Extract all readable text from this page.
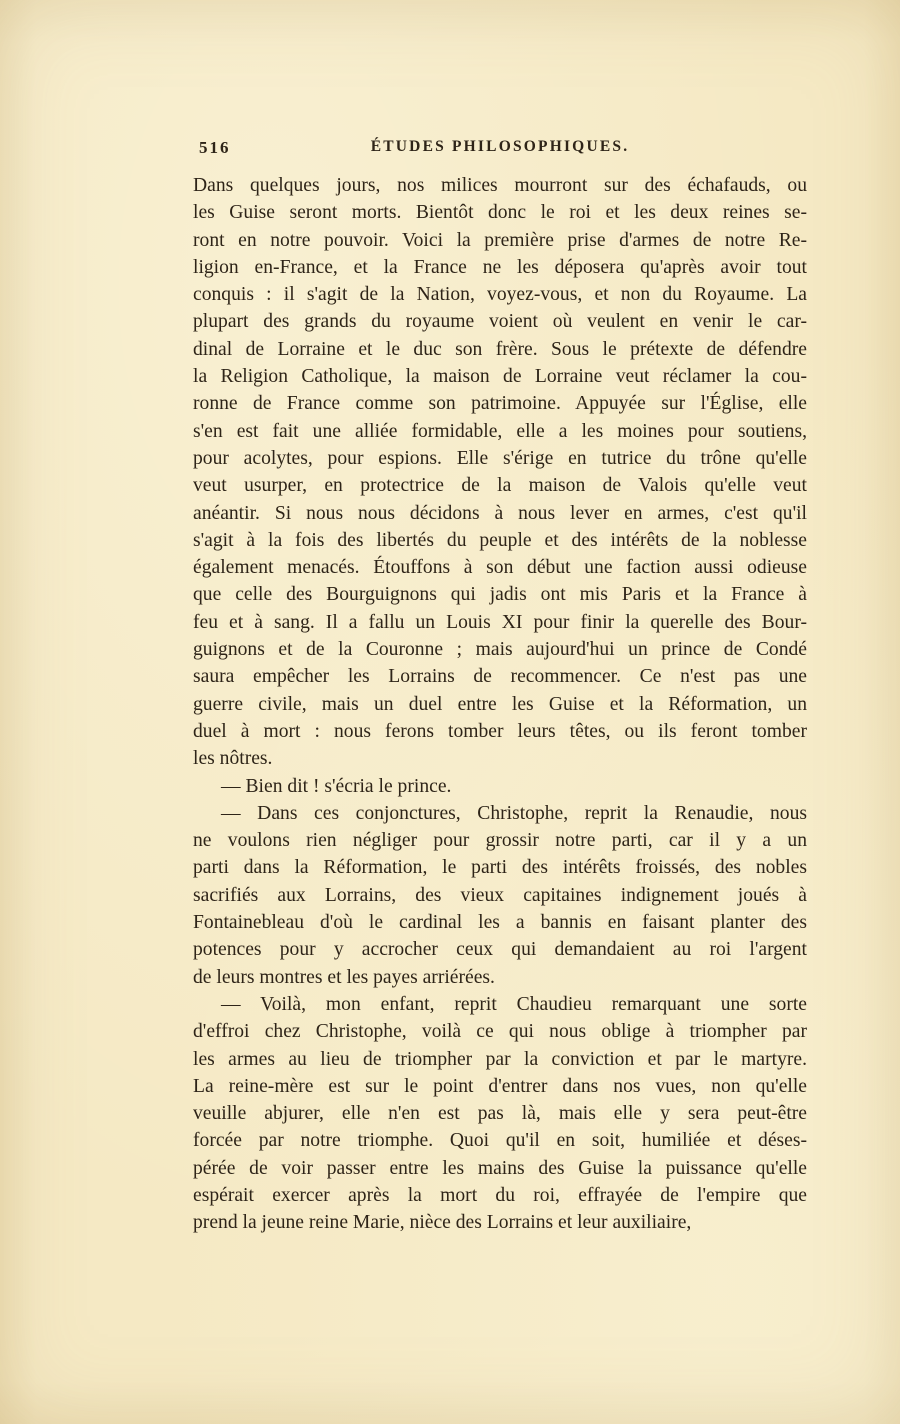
516	ÉTUDES PHILOSOPHIQUES.
Dans quelques jours, nos milices mourront sur des échafauds, ou
les Guise seront morts. Bientôt donc le roi et les deux reines se-
ront en notre pouvoir. Voici la première prise d'armes de notre Re-
ligion en-France, et la France ne les déposera qu'après avoir tout
conquis : il s'agit de la Nation, voyez-vous, et non du Royaume. La
plupart des grands du royaume voient où veulent en venir le car-
dinal de Lorraine et le duc son frère. Sous le prétexte de défendre
la Religion Catholique, la maison de Lorraine veut réclamer la cou-
ronne de France comme son patrimoine. Appuyée sur l'Église, elle
s'en est fait une alliée formidable, elle a les moines pour soutiens,
pour acolytes, pour espions. Elle s'érige en tutrice du trône qu'elle
veut usurper, en protectrice de la maison de Valois qu'elle veut
anéantir. Si nous nous décidons à nous lever en armes, c'est qu'il
s'agit à la fois des libertés du peuple et des intérêts de la noblesse
également menacés. Étouffons à son début une faction aussi odieuse
que celle des Bourguignons qui jadis ont mis Paris et la France à
feu et à sang. Il a fallu un Louis XI pour finir la querelle des Bour-
guignons et de la Couronne ; mais aujourd'hui un prince de Condé
saura empêcher les Lorrains de recommencer. Ce n'est pas une
guerre civile, mais un duel entre les Guise et la Réformation, un
duel à mort : nous ferons tomber leurs têtes, ou ils feront tomber
les nôtres.
— Bien dit ! s'écria le prince.
— Dans ces conjonctures, Christophe, reprit la Renaudie, nous
ne voulons rien négliger pour grossir notre parti, car il y a un
parti dans la Réformation, le parti des intérêts froissés, des nobles
sacrifiés aux Lorrains, des vieux capitaines indignement joués à
Fontainebleau d'où le cardinal les a bannis en faisant planter des
potences pour y accrocher ceux qui demandaient au roi l'argent
de leurs montres et les payes arriérées.
— Voilà, mon enfant, reprit Chaudieu remarquant une sorte
d'effroi chez Christophe, voilà ce qui nous oblige à triompher par
les armes au lieu de triompher par la conviction et par le martyre.
La reine-mère est sur le point d'entrer dans nos vues, non qu'elle
veuille abjurer, elle n'en est pas là, mais elle y sera peut-être
forcée par notre triomphe. Quoi qu'il en soit, humiliée et déses-
pérée de voir passer entre les mains des Guise la puissance qu'elle
espérait exercer après la mort du roi, effrayée de l'empire que
prend la jeune reine Marie, nièce des Lorrains et leur auxiliaire,
